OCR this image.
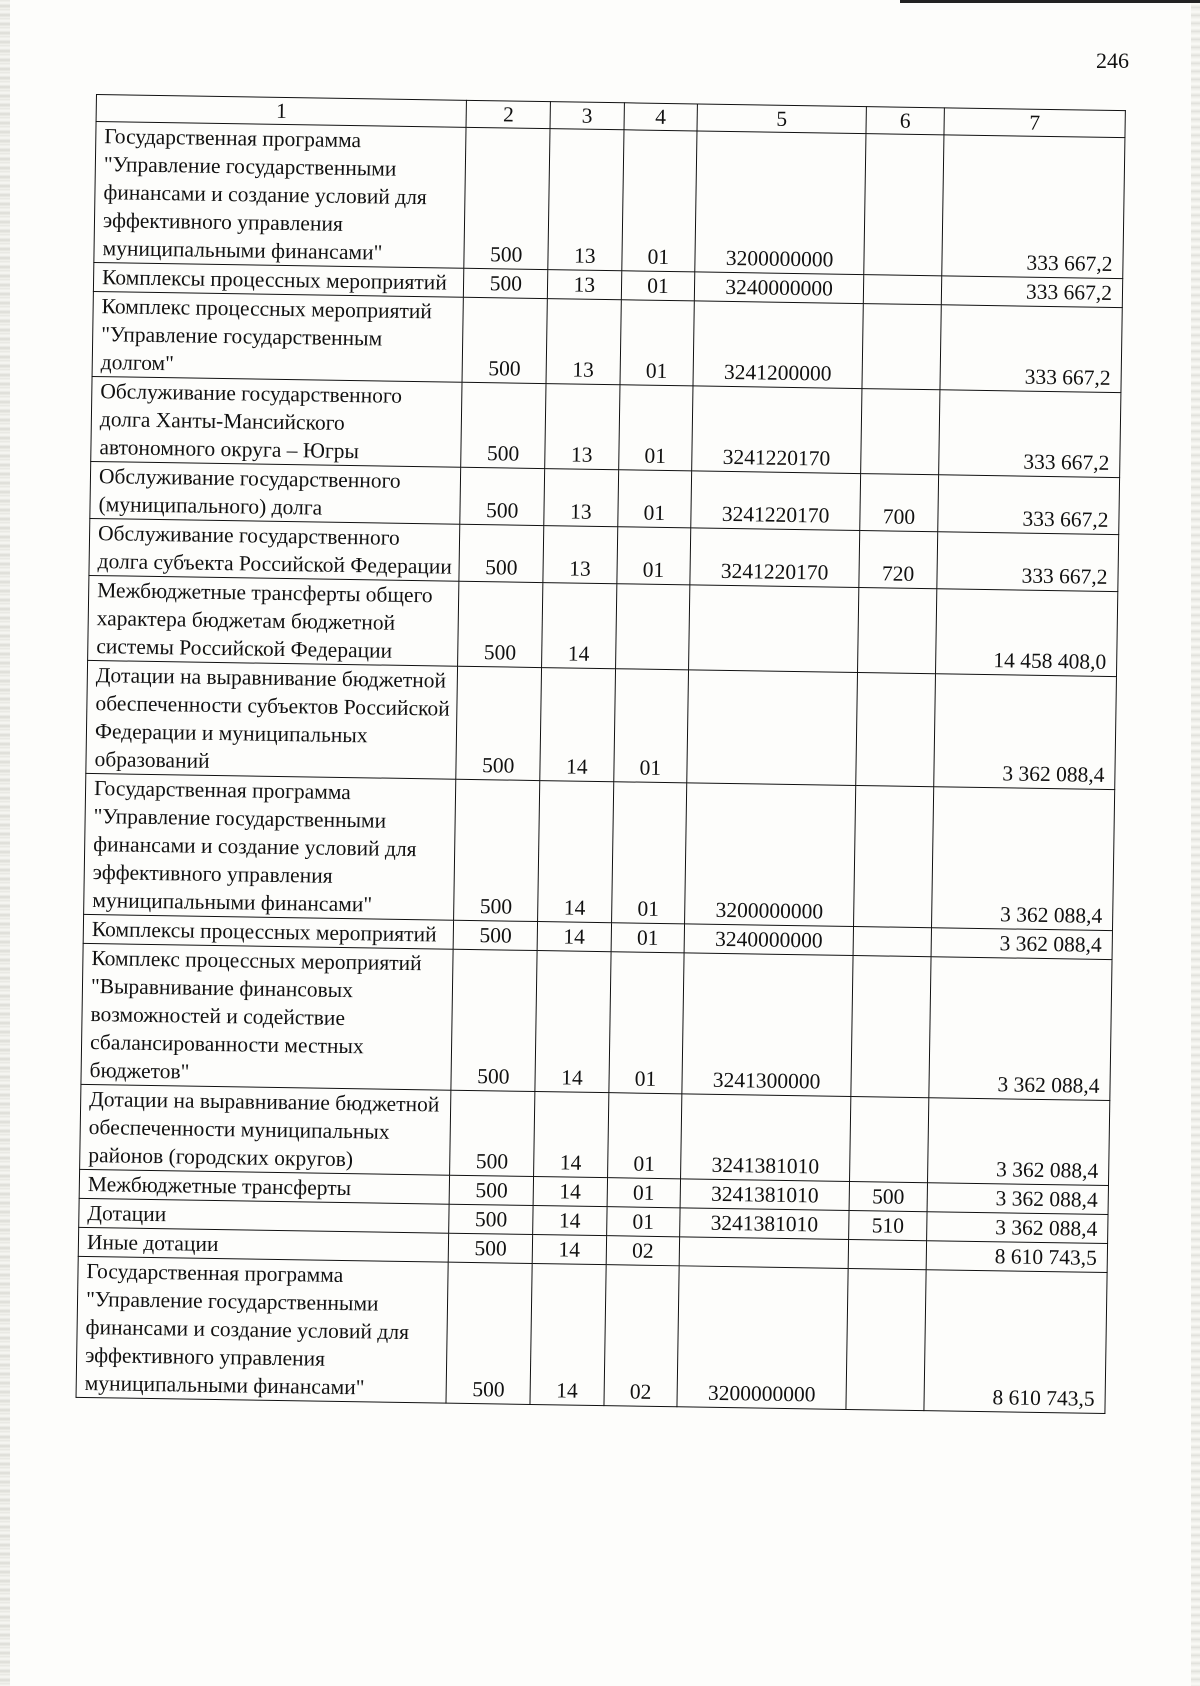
246
1	2	3	4	5	6	7
Государственная программа "Управление государственными финансами и создание условий для эффективного управления муниципальными финансами"	500	13	01	3200000000		333 667,2
Комплексы процессных мероприятий	500	13	01	3240000000		333 667,2
Комплекс процессных мероприятий "Управление государственным долгом"	500	13	01	3241200000		333 667,2
Обслуживание государственного долга Ханты-Мансийского автономного округа – Югры	500	13	01	3241220170		333 667,2
Обслуживание государственного (муниципального) долга	500	13	01	3241220170	700	333 667,2
Обслуживание государственного долга субъекта Российской Федерации	500	13	01	3241220170	720	333 667,2
Межбюджетные трансферты общего характера бюджетам бюджетной системы Российской Федерации	500	14				14 458 408,0
Дотации на выравнивание бюджетной обеспеченности субъектов Российской Федерации и муниципальных образований	500	14	01			3 362 088,4
Государственная программа "Управление государственными финансами и создание условий для эффективного управления муниципальными финансами"	500	14	01	3200000000		3 362 088,4
Комплексы процессных мероприятий	500	14	01	3240000000		3 362 088,4
Комплекс процессных мероприятий "Выравнивание финансовых возможностей и содействие сбалансированности местных бюджетов"	500	14	01	3241300000		3 362 088,4
Дотации на выравнивание бюджетной обеспеченности муниципальных районов (городских округов)	500	14	01	3241381010		3 362 088,4
Межбюджетные трансферты	500	14	01	3241381010	500	3 362 088,4
Дотации	500	14	01	3241381010	510	3 362 088,4
Иные дотации	500	14	02			8 610 743,5
Государственная программа "Управление государственными финансами и создание условий для эффективного управления муниципальными финансами"	500	14	02	3200000000		8 610 743,5
